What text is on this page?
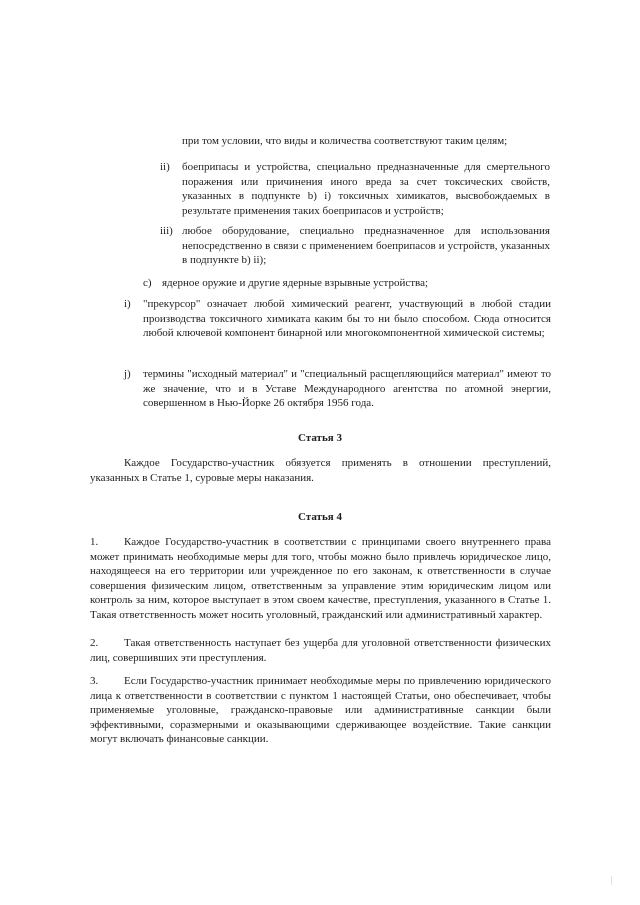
при том условии, что виды и количества соответствуют таким целям;

ii) боеприпасы и устройства, специально предназначенные для смертельного поражения или причинения иного вреда за счет токсических свойств, указанных в подпункте b) i) токсичных химикатов, высвобождаемых в результате применения таких боеприпасов и устройств;

iii) любое оборудование, специально предназначенное для использования непосредственно в связи с применением боеприпасов и устройств, указанных в подпункте b) ii);

c) ядерное оружие и другие ядерные взрывные устройства;

i) "прекурсор" означает любой химический реагент, участвующий в любой стадии производства токсичного химиката каким бы то ни было способом. Сюда относится любой ключевой компонент бинарной или многокомпонентной химической системы;

j) термины "исходный материал" и "специальный расщепляющийся материал" имеют то же значение, что и в Уставе Международного агентства по атомной энергии, совершенном в Нью-Йорке 26 октября 1956 года.

Статья 3

Каждое Государство-участник обязуется применять в отношении преступлений, указанных в Статье 1, суровые меры наказания.

Статья 4
1.	Каждое Государство-участник в соответствии с принципами своего внутреннего права может принимать необходимые меры для того, чтобы можно было привлечь юридическое лицо, находящееся на его территории или учрежденное по его законам, к ответственности в случае совершения физическим лицом, ответственным за управление этим юридическим лицом или контроль за ним, которое выступает в этом своем качестве, преступления, указанного в Статье 1. Такая ответственность может носить уголовный, гражданский или административный характер.

2.	Такая ответственность наступает без ущерба для уголовной ответственности физических лиц, совершивших эти преступления.

3.	Если Государство-участник принимает необходимые меры по привлечению юридического лица к ответственности в соответствии с пунктом 1 настоящей Статьи, оно обеспечивает, чтобы применяемые уголовные, гражданско-правовые или административные санкции были эффективными, соразмерными и оказывающими сдерживающее воздействие. Такие санкции могут включать финансовые санкции.
